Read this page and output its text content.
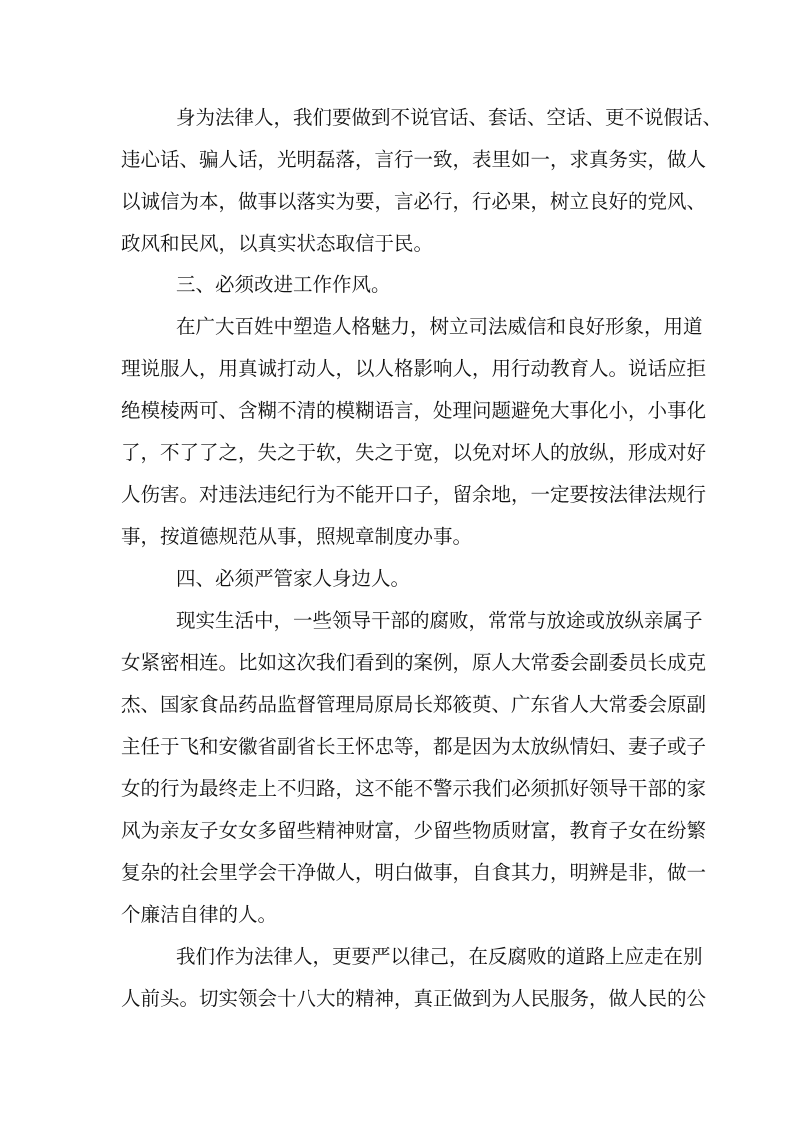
身为法律人，我们要做到不说官话、套话、空话、更不说假话、
违心话、骗人话，光明磊落，言行一致，表里如一，求真务实，做人
以诚信为本，做事以落实为要，言必行，行必果，树立良好的党风、
政风和民风，以真实状态取信于民。
三、必须改进工作作风。
在广大百姓中塑造人格魅力，树立司法威信和良好形象，用道
理说服人，用真诚打动人，以人格影响人，用行动教育人。说话应拒
绝模棱两可、含糊不清的模糊语言，处理问题避免大事化小，小事化
了，不了了之，失之于软，失之于宽，以免对坏人的放纵，形成对好
人伤害。对违法违纪行为不能开口子，留余地，一定要按法律法规行
事，按道德规范从事，照规章制度办事。
四、必须严管家人身边人。
现实生活中，一些领导干部的腐败，常常与放途或放纵亲属子
女紧密相连。比如这次我们看到的案例，原人大常委会副委员长成克
杰、国家食品药品监督管理局原局长郑筱萸、广东省人大常委会原副
主任于飞和安徽省副省长王怀忠等，都是因为太放纵情妇、妻子或子
女的行为最终走上不归路，这不能不警示我们必须抓好领导干部的家
风为亲友子女女多留些精神财富，少留些物质财富，教育子女在纷繁
复杂的社会里学会干净做人，明白做事，自食其力，明辨是非，做一
个廉洁自律的人。
我们作为法律人，更要严以律己，在反腐败的道路上应走在别
人前头。切实领会十八大的精神，真正做到为人民服务，做人民的公
